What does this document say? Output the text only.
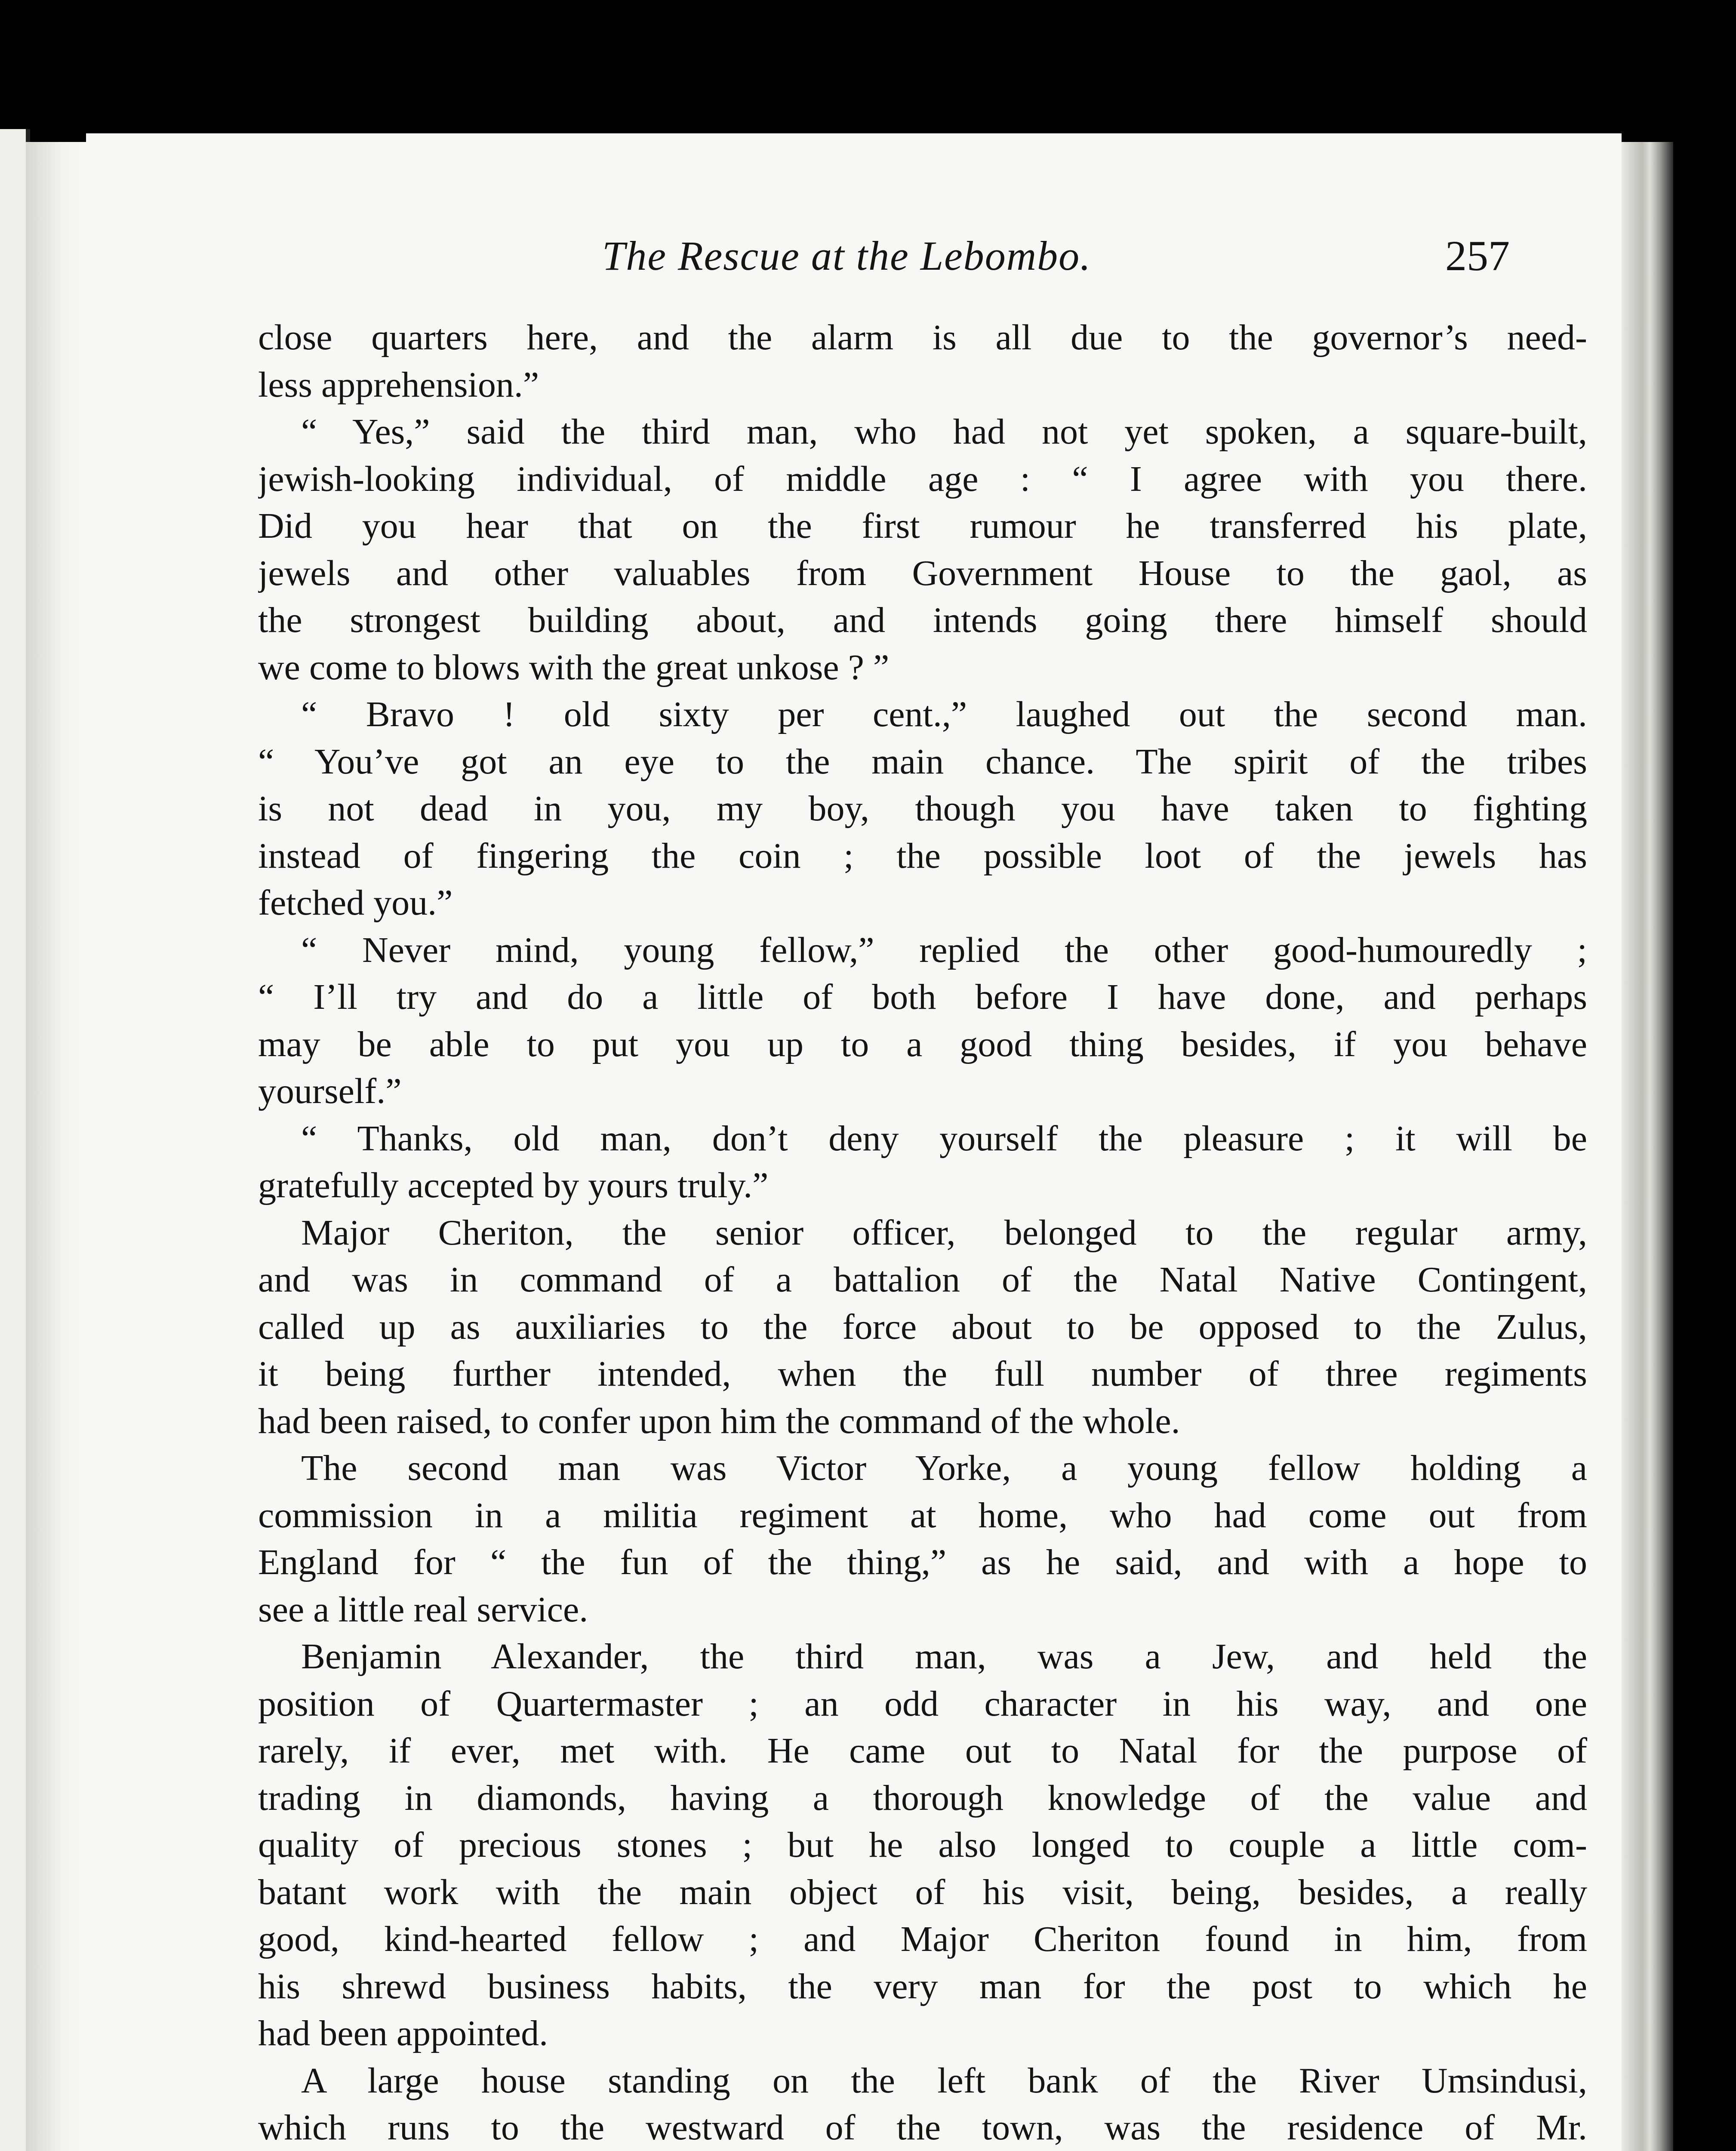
The Rescue at the Lebombo.	257
close quarters here, and the alarm is all due to the governor’s need-
less apprehension.”
“ Yes,” said the third man, who had not yet spoken, a square-built,
jewish-looking individual, of middle age : “ I agree with you there.
Did you hear that on the first rumour he transferred his plate,
jewels and other valuables from Government House to the gaol, as
the strongest building about, and intends going there himself should
we come to blows with the great unkose ? ”
“ Bravo ! old sixty per cent.,” laughed out the second man.
“ You’ve got an eye to the main chance. The spirit of the tribes
is not dead in you, my boy, though you have taken to fighting
instead of fingering the coin ; the possible loot of the jewels has
fetched you.”
“ Never mind, young fellow,” replied the other good-humouredly ;
“ I’ll try and do a little of both before I have done, and perhaps
may be able to put you up to a good thing besides, if you behave
yourself.”
“ Thanks, old man, don’t deny yourself the pleasure ; it will be
gratefully accepted by yours truly.”
Major Cheriton, the senior officer, belonged to the regular army,
and was in command of a battalion of the Natal Native Contingent,
called up as auxiliaries to the force about to be opposed to the Zulus,
it being further intended, when the full number of three regiments
had been raised, to confer upon him the command of the whole.
The second man was Victor Yorke, a young fellow holding a
commission in a militia regiment at home, who had come out from
England for “ the fun of the thing,” as he said, and with a hope to
see a little real service.
Benjamin Alexander, the third man, was a Jew, and held the
position of Quartermaster ; an odd character in his way, and one
rarely, if ever, met with. He came out to Natal for the purpose of
trading in diamonds, having a thorough knowledge of the value and
quality of precious stones ; but he also longed to couple a little com-
batant work with the main object of his visit, being, besides, a really
good, kind-hearted fellow ; and Major Cheriton found in him, from
his shrewd business habits, the very man for the post to which he
had been appointed.
A large house standing on the left bank of the River Umsindusi,
which runs to the westward of the town, was the residence of Mr.
